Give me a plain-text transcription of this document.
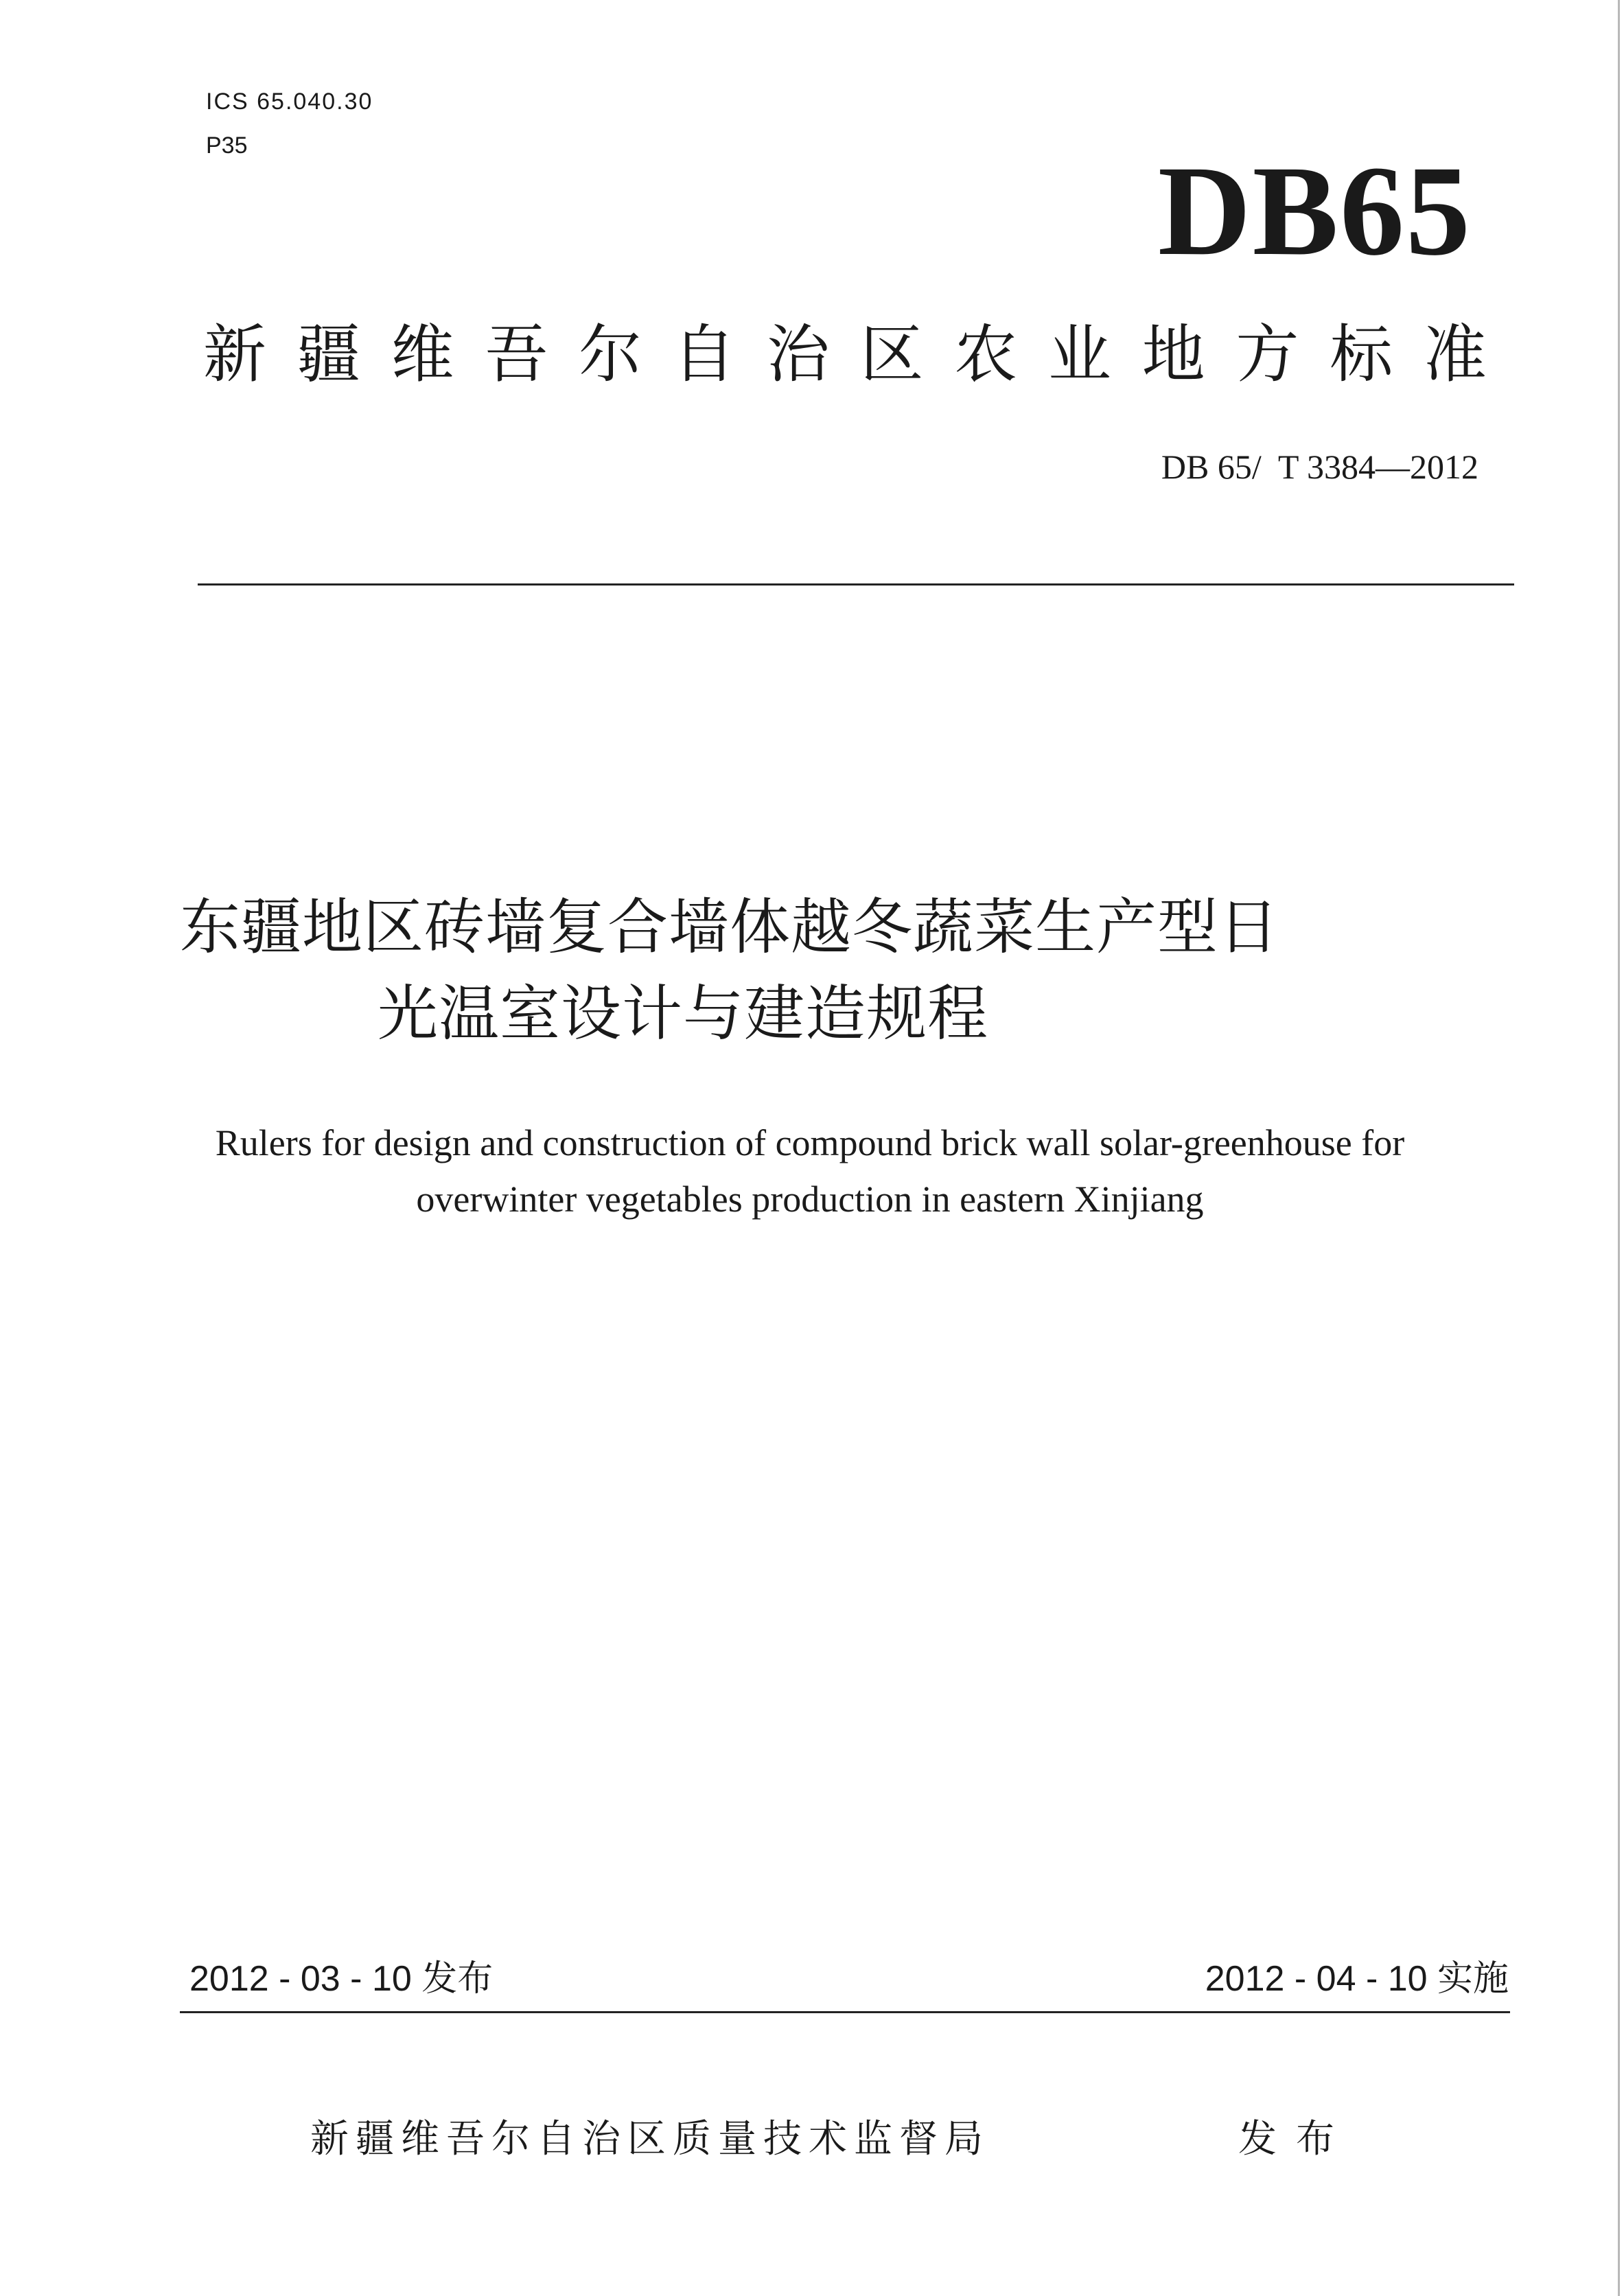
ICS 65.040.30
P35	DB65
新 疆 维 吾 尔 自 治 区 农 业 地 方 标 准
DB 65/  T 3384—2012
东疆地区砖墙复合墙体越冬蔬菜生产型日
光温室设计与建造规程
Rulers for design and construction of compound brick wall solar-greenhouse for
overwinter vegetables production in eastern Xinjiang
2012 - 03 - 10 发布	2012 - 04 - 10 实施
新疆维吾尔自治区质量技术监督局	发布
